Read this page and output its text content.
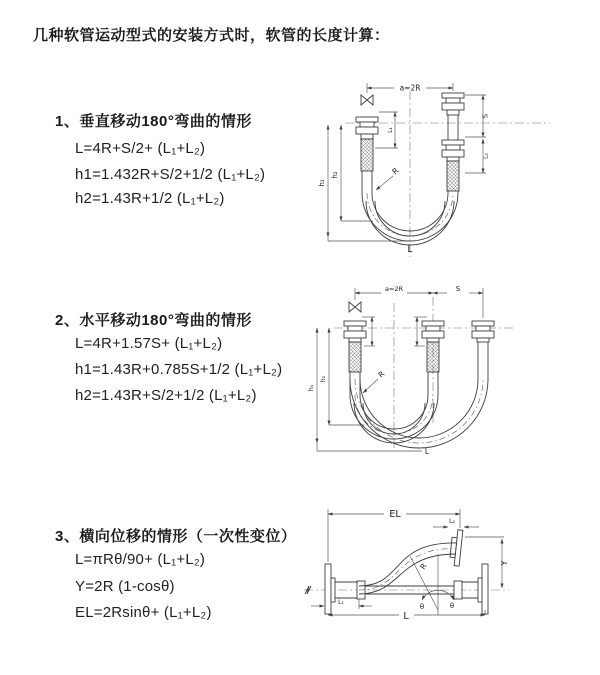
几种软管运动型式的安装方式时，软管的长度计算：
1、垂直移动180°弯曲的情形
L=4R+S/2+ (L₁+L₂)
h1=1.432R+S/2+1/2 (L₁+L₂)
h2=1.43R+1/2 (L₁+L₂)
2、水平移动180°弯曲的情形
L=4R+1.57S+ (L₁+L₂)
h1=1.43R+0.785S+1/2 (L₁+L₂)
h2=1.43R+S/2+1/2 (L₁+L₂)
3、横向位移的情形（一次性变位）
L=πRθ/90+ (L₁+L₂)
Y=2R (1-cosθ)
EL=2Rsinθ+ (L₁+L₂)
a=2R
h₁
h₂
L₁
S
L₂
R
L
a=2R	S
h₁
h₂	R
L
EL
L₂
Y
θ	θ
R
L₁
L
